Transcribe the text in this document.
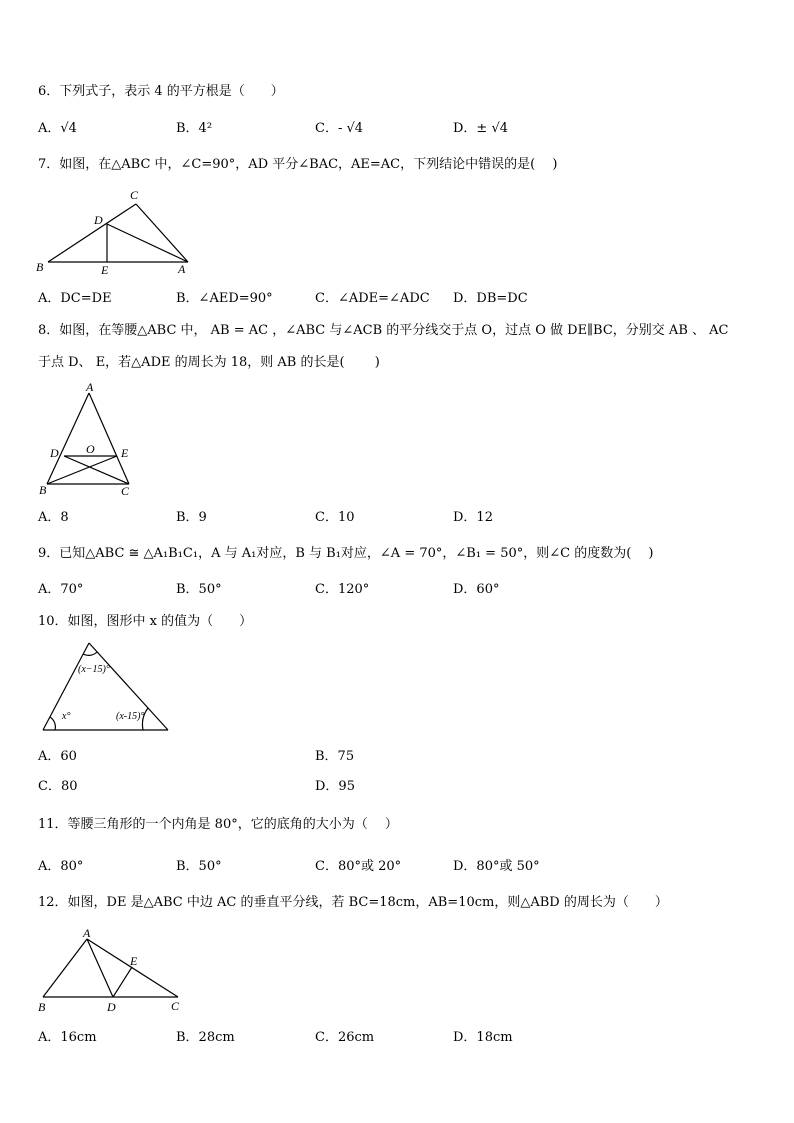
6．下列式子，表示 4 的平方根是（　　）
A．√4	B．4²	C．- √4	D．± √4
7．如图，在△ABC 中，∠C=90°，AD 平分∠BAC，AE=AC，下列结论中错误的是(　 )
C
D
B	E	A
A．DC=DE	B．∠AED=90°	C．∠ADE=∠ADC D．DB=DC
8．如图，在等腰△ABC 中， AB = AC ，∠ABC 与∠ACB 的平分线交于点 O，过点 O 做 DE∥BC，分别交 AB 、 AC
于点 D、 E，若△ADE 的周长为 18，则 AB 的长是(　　 )
A
O
D	E
B	C
A．8	B．9	C．10	D．12
9．已知△ABC ≅ △A₁B₁C₁，A 与 A₁对应，B 与 B₁对应，∠A = 70°，∠B₁ = 50°，则∠C 的度数为(　 )
A．70°	B．50°	C．120°	D．60°
10．如图，图形中 x 的值为（　　）
(x−15)°
x°	(x-15)°
A．60	B．75
C．80	D．95
11．等腰三角形的一个内角是 80°，它的底角的大小为（　 ）
A．80°	B．50°	C．80°或 20°	D．80°或 50°
12．如图，DE 是△ABC 中边 AC 的垂直平分线，若 BC=18cm，AB=10cm，则△ABD 的周长为（　　）
A
E
B	D	C
A．16cm	B．28cm	C．26cm	D．18cm
